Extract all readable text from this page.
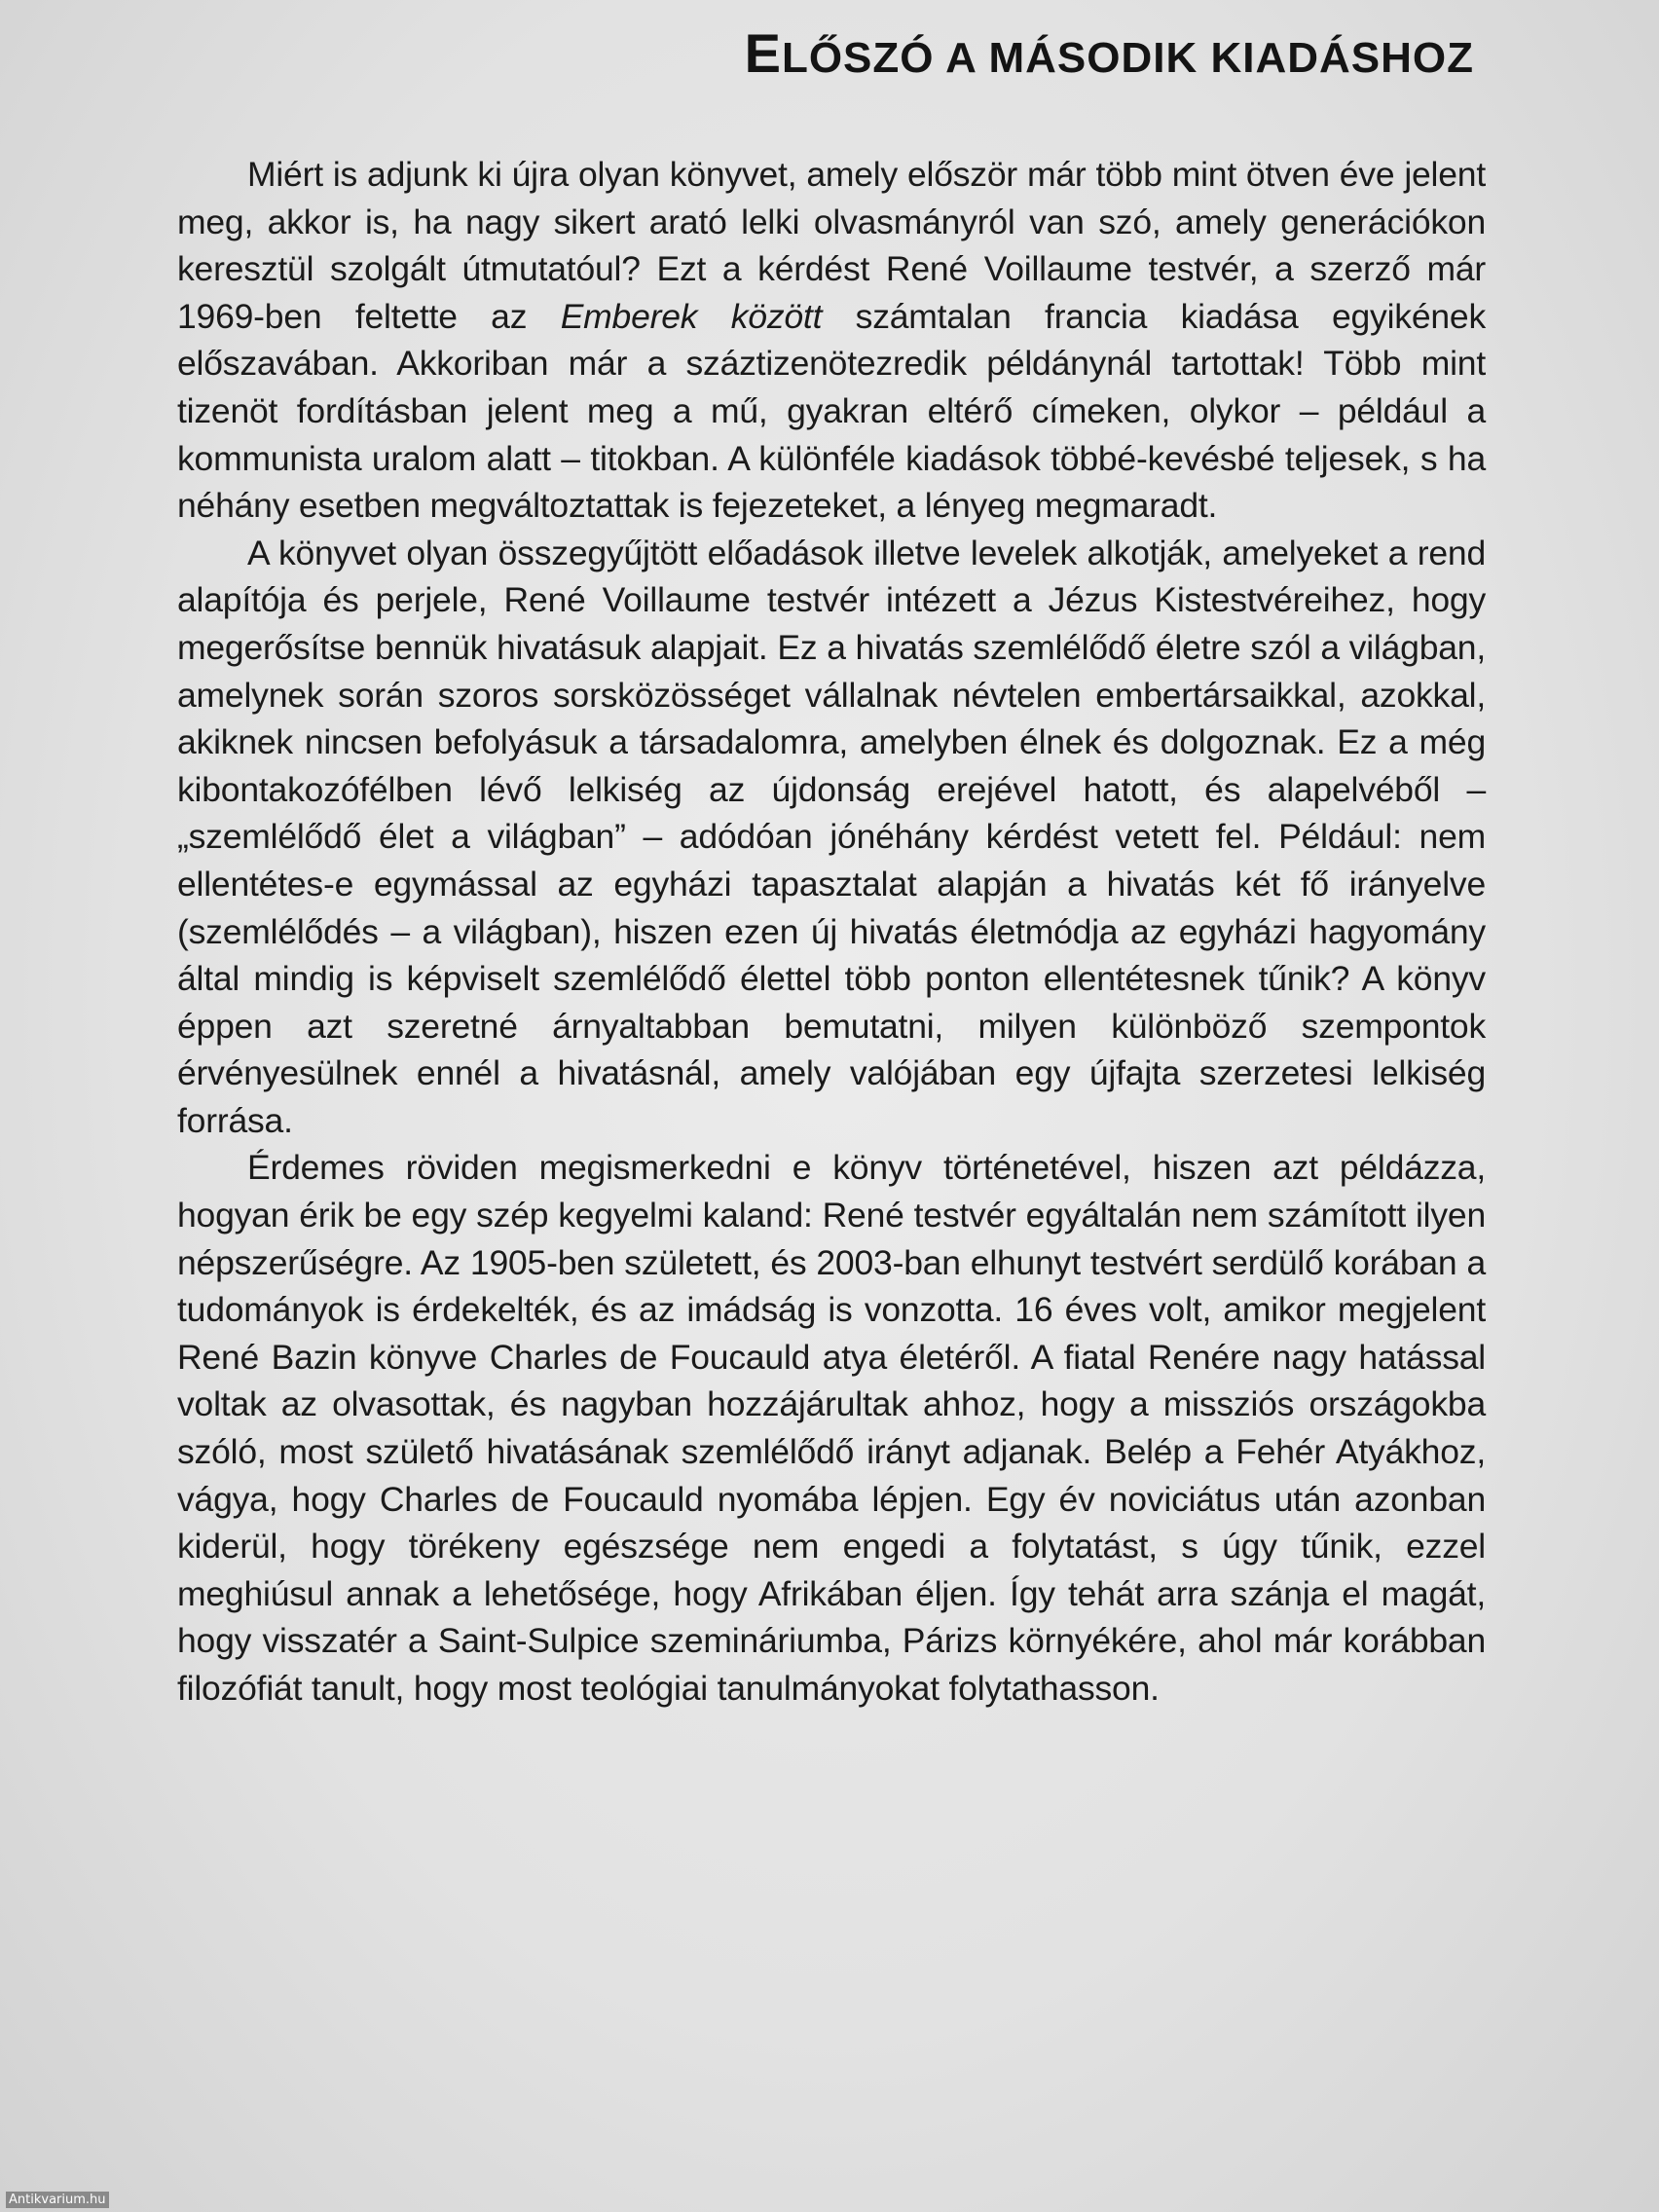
ELŐSZÓ A MÁSODIK KIADÁSHOZ

Miért is adjunk ki újra olyan könyvet, amely először már több mint ötven éve jelent meg, akkor is, ha nagy sikert arató lelki olvasmányról van szó, amely generációkon keresztül szolgált útmutatóul? Ezt a kérdést René Voillaume testvér, a szerző már 1969-ben feltette az Emberek között számtalan francia kiadása egyikének előszavában. Akkoriban már a száztizenötezredik példánynál tartottak! Több mint tizenöt fordításban jelent meg a mű, gyakran eltérő címeken, olykor – például a kommunista uralom alatt – titokban. A különféle kiadások többé-kevésbé teljesek, s ha néhány esetben megváltoztattak is fejezeteket, a lényeg megmaradt.

A könyvet olyan összegyűjtött előadások illetve levelek alkotják, amelyeket a rend alapítója és perjele, René Voillaume testvér intézett a Jézus Kistestvéreihez, hogy megerősítse bennük hivatásuk alapjait. Ez a hivatás szemlélődő életre szól a világban, amelynek során szoros sorsközösséget vállalnak névtelen embertársaikkal, azokkal, akiknek nincsen befolyásuk a társadalomra, amelyben élnek és dolgoznak. Ez a még kibontakozófélben lévő lelkiség az újdonság erejével hatott, és alapelvéből – „szemlélődő élet a világban” – adódóan jónéhány kérdést vetett fel. Például: nem ellentétes-e egymással az egyházi tapasztalat alapján a hivatás két fő irányelve (szemlélődés – a világban), hiszen ezen új hivatás életmódja az egyházi hagyomány által mindig is képviselt szemlélődő élettel több ponton ellentétesnek tűnik? A könyv éppen azt szeretné árnyaltabban bemutatni, milyen különböző szempontok érvényesülnek ennél a hivatásnál, amely valójában egy újfajta szerzetesi lelkiség forrása.

Érdemes röviden megismerkedni e könyv történetével, hiszen azt példázza, hogyan érik be egy szép kegyelmi kaland: René testvér egyáltalán nem számított ilyen népszerűségre. Az 1905-ben született, és 2003-ban elhunyt testvért serdülő korában a tudományok is érdekelték, és az imádság is vonzotta. 16 éves volt, amikor megjelent René Bazin könyve Charles de Foucauld atya életéről. A fiatal Renére nagy hatással voltak az olvasottak, és nagyban hozzájárultak ahhoz, hogy a missziós országokba szóló, most születő hivatásának szemlélődő irányt adjanak. Belép a Fehér Atyákhoz, vágya, hogy Charles de Foucauld nyomába lépjen. Egy év noviciátus után azonban kiderül, hogy törékeny egészsége nem engedi a folytatást, s úgy tűnik, ezzel meghiúsul annak a lehetősége, hogy Afrikában éljen. Így tehát arra szánja el magát, hogy visszatér a Saint-Sulpice szemináriumba, Párizs környékére, ahol már korábban filozófiát tanult, hogy most teológiai tanulmányokat folytathasson.

Antikvarium.hu
